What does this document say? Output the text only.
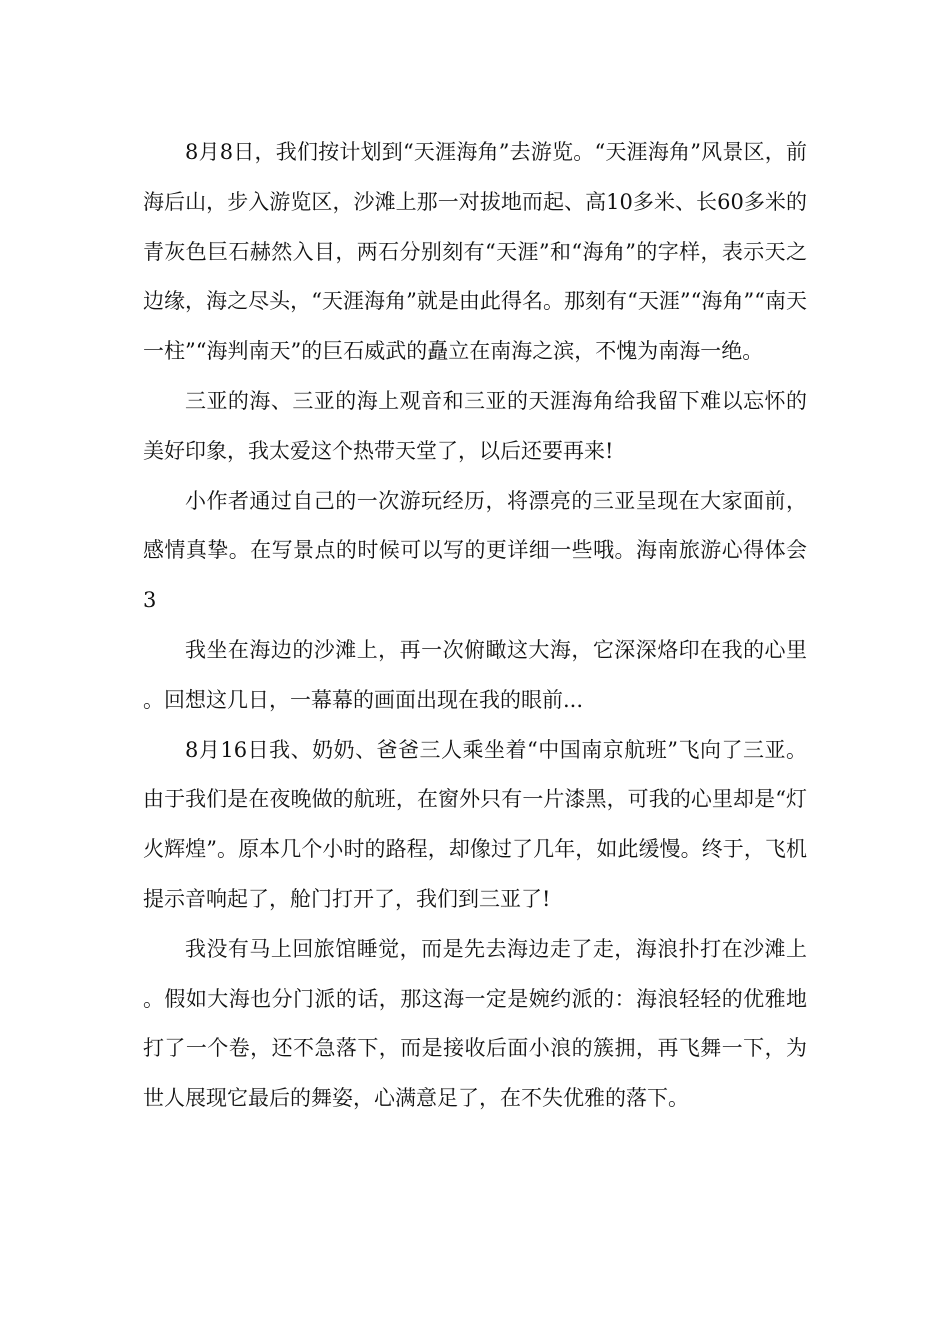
8月8日，我们按计划到“天涯海角”去游览。“天涯海角”风景区，前海后山，步入游览区，沙滩上那一对拔地而起、高10多米、长60多米的青灰色巨石赫然入目，两石分别刻有“天涯”和“海角”的字样，表示天之边缘，海之尽头，“天涯海角”就是由此得名。那刻有“天涯”“海角”“南天一柱”“海判南天”的巨石威武的矗立在南海之滨，不愧为南海一绝。

三亚的海、三亚的海上观音和三亚的天涯海角给我留下难以忘怀的美好印象，我太爱这个热带天堂了，以后还要再来!

小作者通过自己的一次游玩经历，将漂亮的三亚呈现在大家面前，感情真挚。在写景点的时候可以写的更详细一些哦。海南旅游心得体会3

我坐在海边的沙滩上，再一次俯瞰这大海，它深深烙印在我的心里。回想这几日，一幕幕的画面出现在我的眼前...

8月16日我、奶奶、爸爸三人乘坐着“中国南京航班”飞向了三亚。由于我们是在夜晚做的航班，在窗外只有一片漆黑，可我的心里却是“灯火辉煌”。原本几个小时的路程，却像过了几年，如此缓慢。终于，飞机提示音响起了，舱门打开了，我们到三亚了!

我没有马上回旅馆睡觉，而是先去海边走了走，海浪扑打在沙滩上。假如大海也分门派的话，那这海一定是婉约派的：海浪轻轻的优雅地打了一个卷，还不急落下，而是接收后面小浪的簇拥，再飞舞一下，为世人展现它最后的舞姿，心满意足了，在不失优雅的落下。
